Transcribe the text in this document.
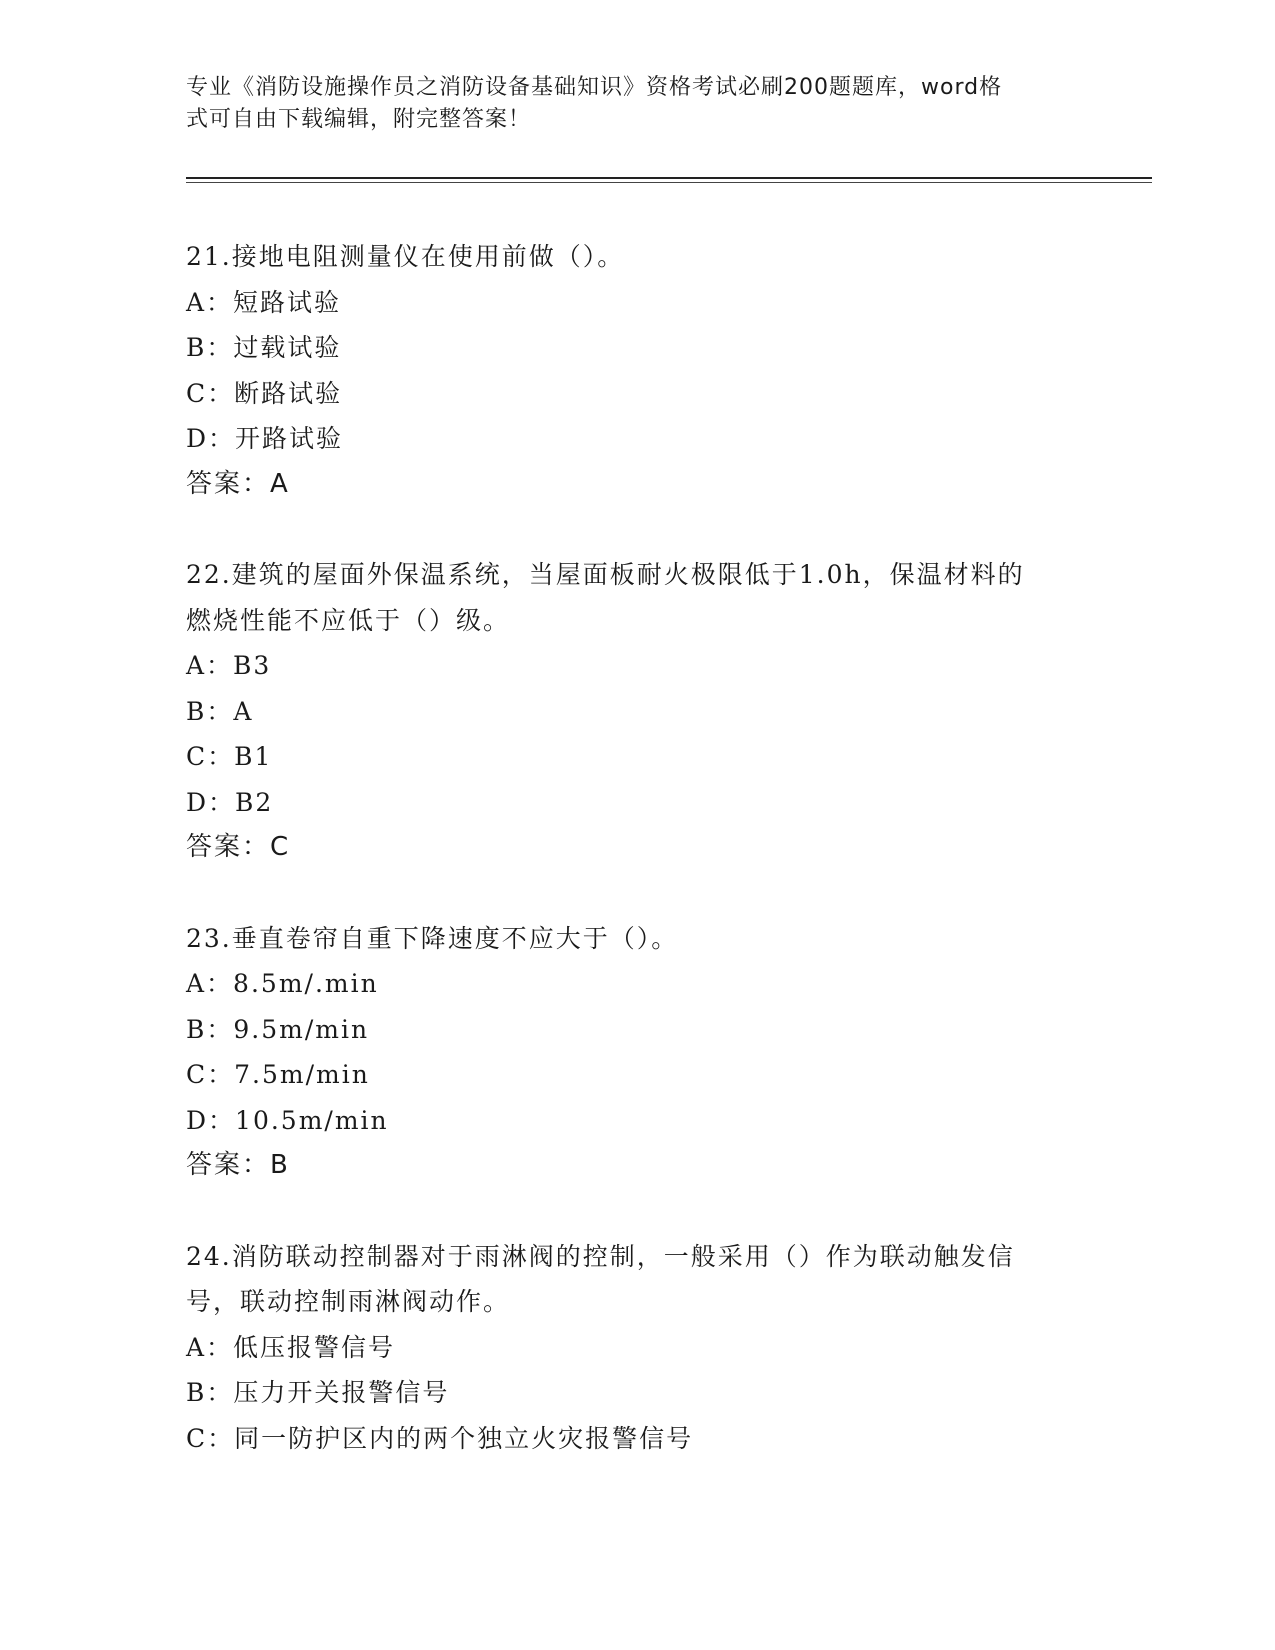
专业《消防设施操作员之消防设备基础知识》资格考试必刷200题题库，word格
式可自由下载编辑，附完整答案！
21.接地电阻测量仪在使用前做（）。
A：短路试验
B：过载试验
C：断路试验
D：开路试验
答案：A
22.建筑的屋面外保温系统，当屋面板耐火极限低于1.0h，保温材料的
燃烧性能不应低于（）级。
A：B3
B：A
C：B1
D：B2
答案：C
23.垂直卷帘自重下降速度不应大于（）。
A：8.5m/.min
B：9.5m/min
C：7.5m/min
D：10.5m/min
答案：B
24.消防联动控制器对于雨淋阀的控制，一般采用（）作为联动触发信
号，联动控制雨淋阀动作。
A：低压报警信号
B：压力开关报警信号
C：同一防护区内的两个独立火灾报警信号
